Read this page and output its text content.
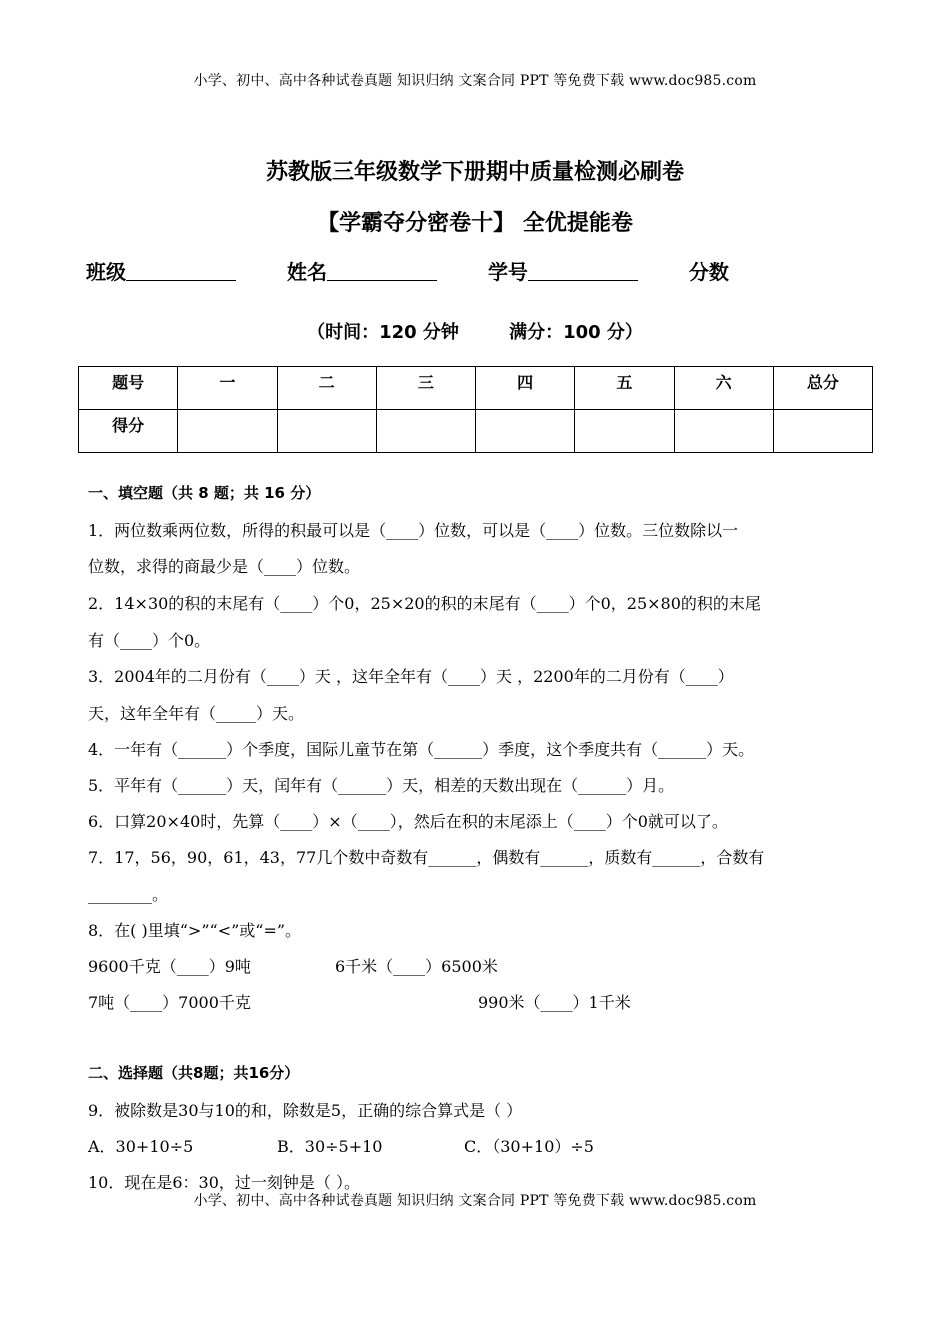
小学、初中、高中各种试卷真题 知识归纳 文案合同 PPT 等免费下载 www.doc985.com
苏教版三年级数学下册期中质量检测必刷卷
【学霸夺分密卷十】 全优提能卷
班级	姓名	学号	分数
（时间：120 分钟        满分：100 分）
题号	一	二	三	四	五	六	总分
得分							
一、填空题（共 8 题；共 16 分）
1．两位数乘两位数，所得的积最可以是（____）位数，可以是（____）位数。三位数除以一
位数，求得的商最少是（____）位数。
2．14×30的积的末尾有（____）个0，25×20的积的末尾有（____）个0，25×80的积的末尾
有（____）个0。
3．2004年的二月份有（____）天 ，这年全年有（____）天 ，2200年的二月份有（____）
天，这年全年有（_____）天。
4．一年有（______）个季度，国际儿童节在第（______）季度，这个季度共有（______）天。
5．平年有（______）天，闰年有（______）天，相差的天数出现在（______）月。
6．口算20×40时，先算（____）×（____），然后在积的末尾添上（____）个0就可以了。
7．17，56，90，61，43，77几个数中奇数有______，偶数有______，质数有______，合数有
________。
8．在( )里填“>”“<”或“=”。
9600千克（____）9吨	6千米（____）6500米
7吨（____）7000千克	990米（____）1千米
二、选择题（共8题；共16分）
9．被除数是30与10的和，除数是5，正确的综合算式是（ ）
A．30+10÷5	B．30÷5+10	C．（30+10）÷5
10．现在是6：30，过一刻钟是（ ）。
小学、初中、高中各种试卷真题 知识归纳 文案合同 PPT 等免费下载 www.doc985.com
